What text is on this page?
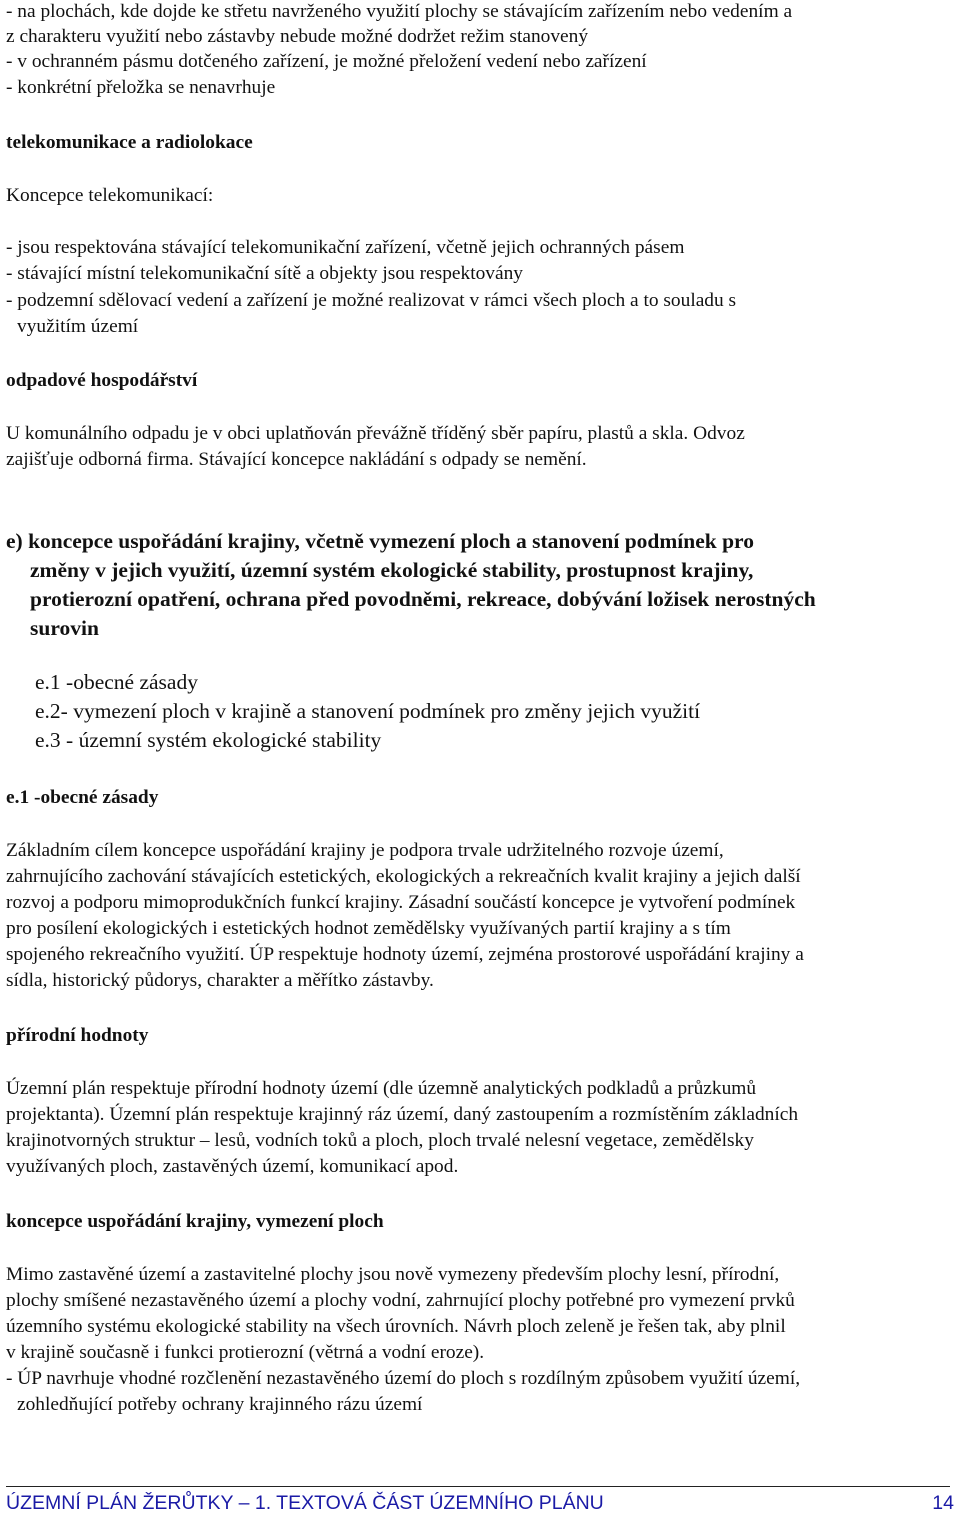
- na plochách, kde dojde ke střetu navrženého využití plochy se stávajícím zařízením nebo vedením a
z charakteru využití nebo zástavby nebude možné dodržet režim stanovený
- v ochranném pásmu dotčeného zařízení, je možné přeložení vedení nebo zařízení
- konkrétní přeložka se nenavrhuje
telekomunikace a radiolokace
Koncepce telekomunikací:
- jsou respektována stávající telekomunikační zařízení, včetně jejich ochranných pásem
- stávající místní telekomunikační sítě a objekty jsou respektovány
- podzemní sdělovací vedení a zařízení je možné realizovat v rámci všech ploch a to souladu s
využitím území
odpadové hospodářství
U komunálního odpadu je v obci uplatňován převážně tříděný sběr papíru, plastů a skla. Odvoz
zajišťuje odborná firma. Stávající koncepce nakládání s odpady se nemění.
e) koncepce uspořádání krajiny, včetně vymezení ploch a stanovení podmínek pro
změny v jejich využití, územní systém ekologické stability, prostupnost krajiny,
protierozní opatření, ochrana před povodněmi, rekreace, dobývání ložisek nerostných
surovin
e.1 -obecné zásady
e.2- vymezení ploch v krajině a stanovení podmínek pro změny jejich využití
e.3 - územní systém ekologické stability
e.1 -obecné zásady
Základním cílem koncepce uspořádání krajiny je podpora trvale udržitelného rozvoje území,
zahrnujícího zachování stávajících estetických, ekologických a rekreačních kvalit krajiny a jejich další
rozvoj a podporu mimoprodukčních funkcí krajiny. Zásadní součástí koncepce je vytvoření podmínek
pro posílení ekologických i estetických hodnot zemědělsky využívaných partií krajiny a s tím
spojeného rekreačního využití. ÚP respektuje hodnoty území, zejména prostorové uspořádání krajiny a
sídla, historický půdorys, charakter a měřítko zástavby.
přírodní hodnoty
Územní plán respektuje přírodní hodnoty území (dle územně analytických podkladů a průzkumů
projektanta). Územní plán respektuje krajinný ráz území, daný zastoupením a rozmístěním základních
krajinotvorných struktur – lesů, vodních toků a ploch, ploch trvalé nelesní vegetace, zemědělsky
využívaných ploch, zastavěných území, komunikací apod.
koncepce uspořádání krajiny, vymezení ploch
Mimo zastavěné území a zastavitelné plochy jsou nově vymezeny především plochy lesní, přírodní,
plochy smíšené nezastavěného území a plochy vodní, zahrnující plochy potřebné pro vymezení prvků
územního systému ekologické stability na všech úrovních. Návrh ploch zeleně je řešen tak, aby plnil
v krajině současně i funkci protierozní (větrná a vodní eroze).
- ÚP navrhuje vhodné rozčlenění nezastavěného území do ploch s rozdílným způsobem využití území,
zohledňující potřeby ochrany krajinného rázu území
ÚZEMNÍ PLÁN ŽERŮTKY – 1. TEXTOVÁ ČÁST ÚZEMNÍHO PLÁNU	14
